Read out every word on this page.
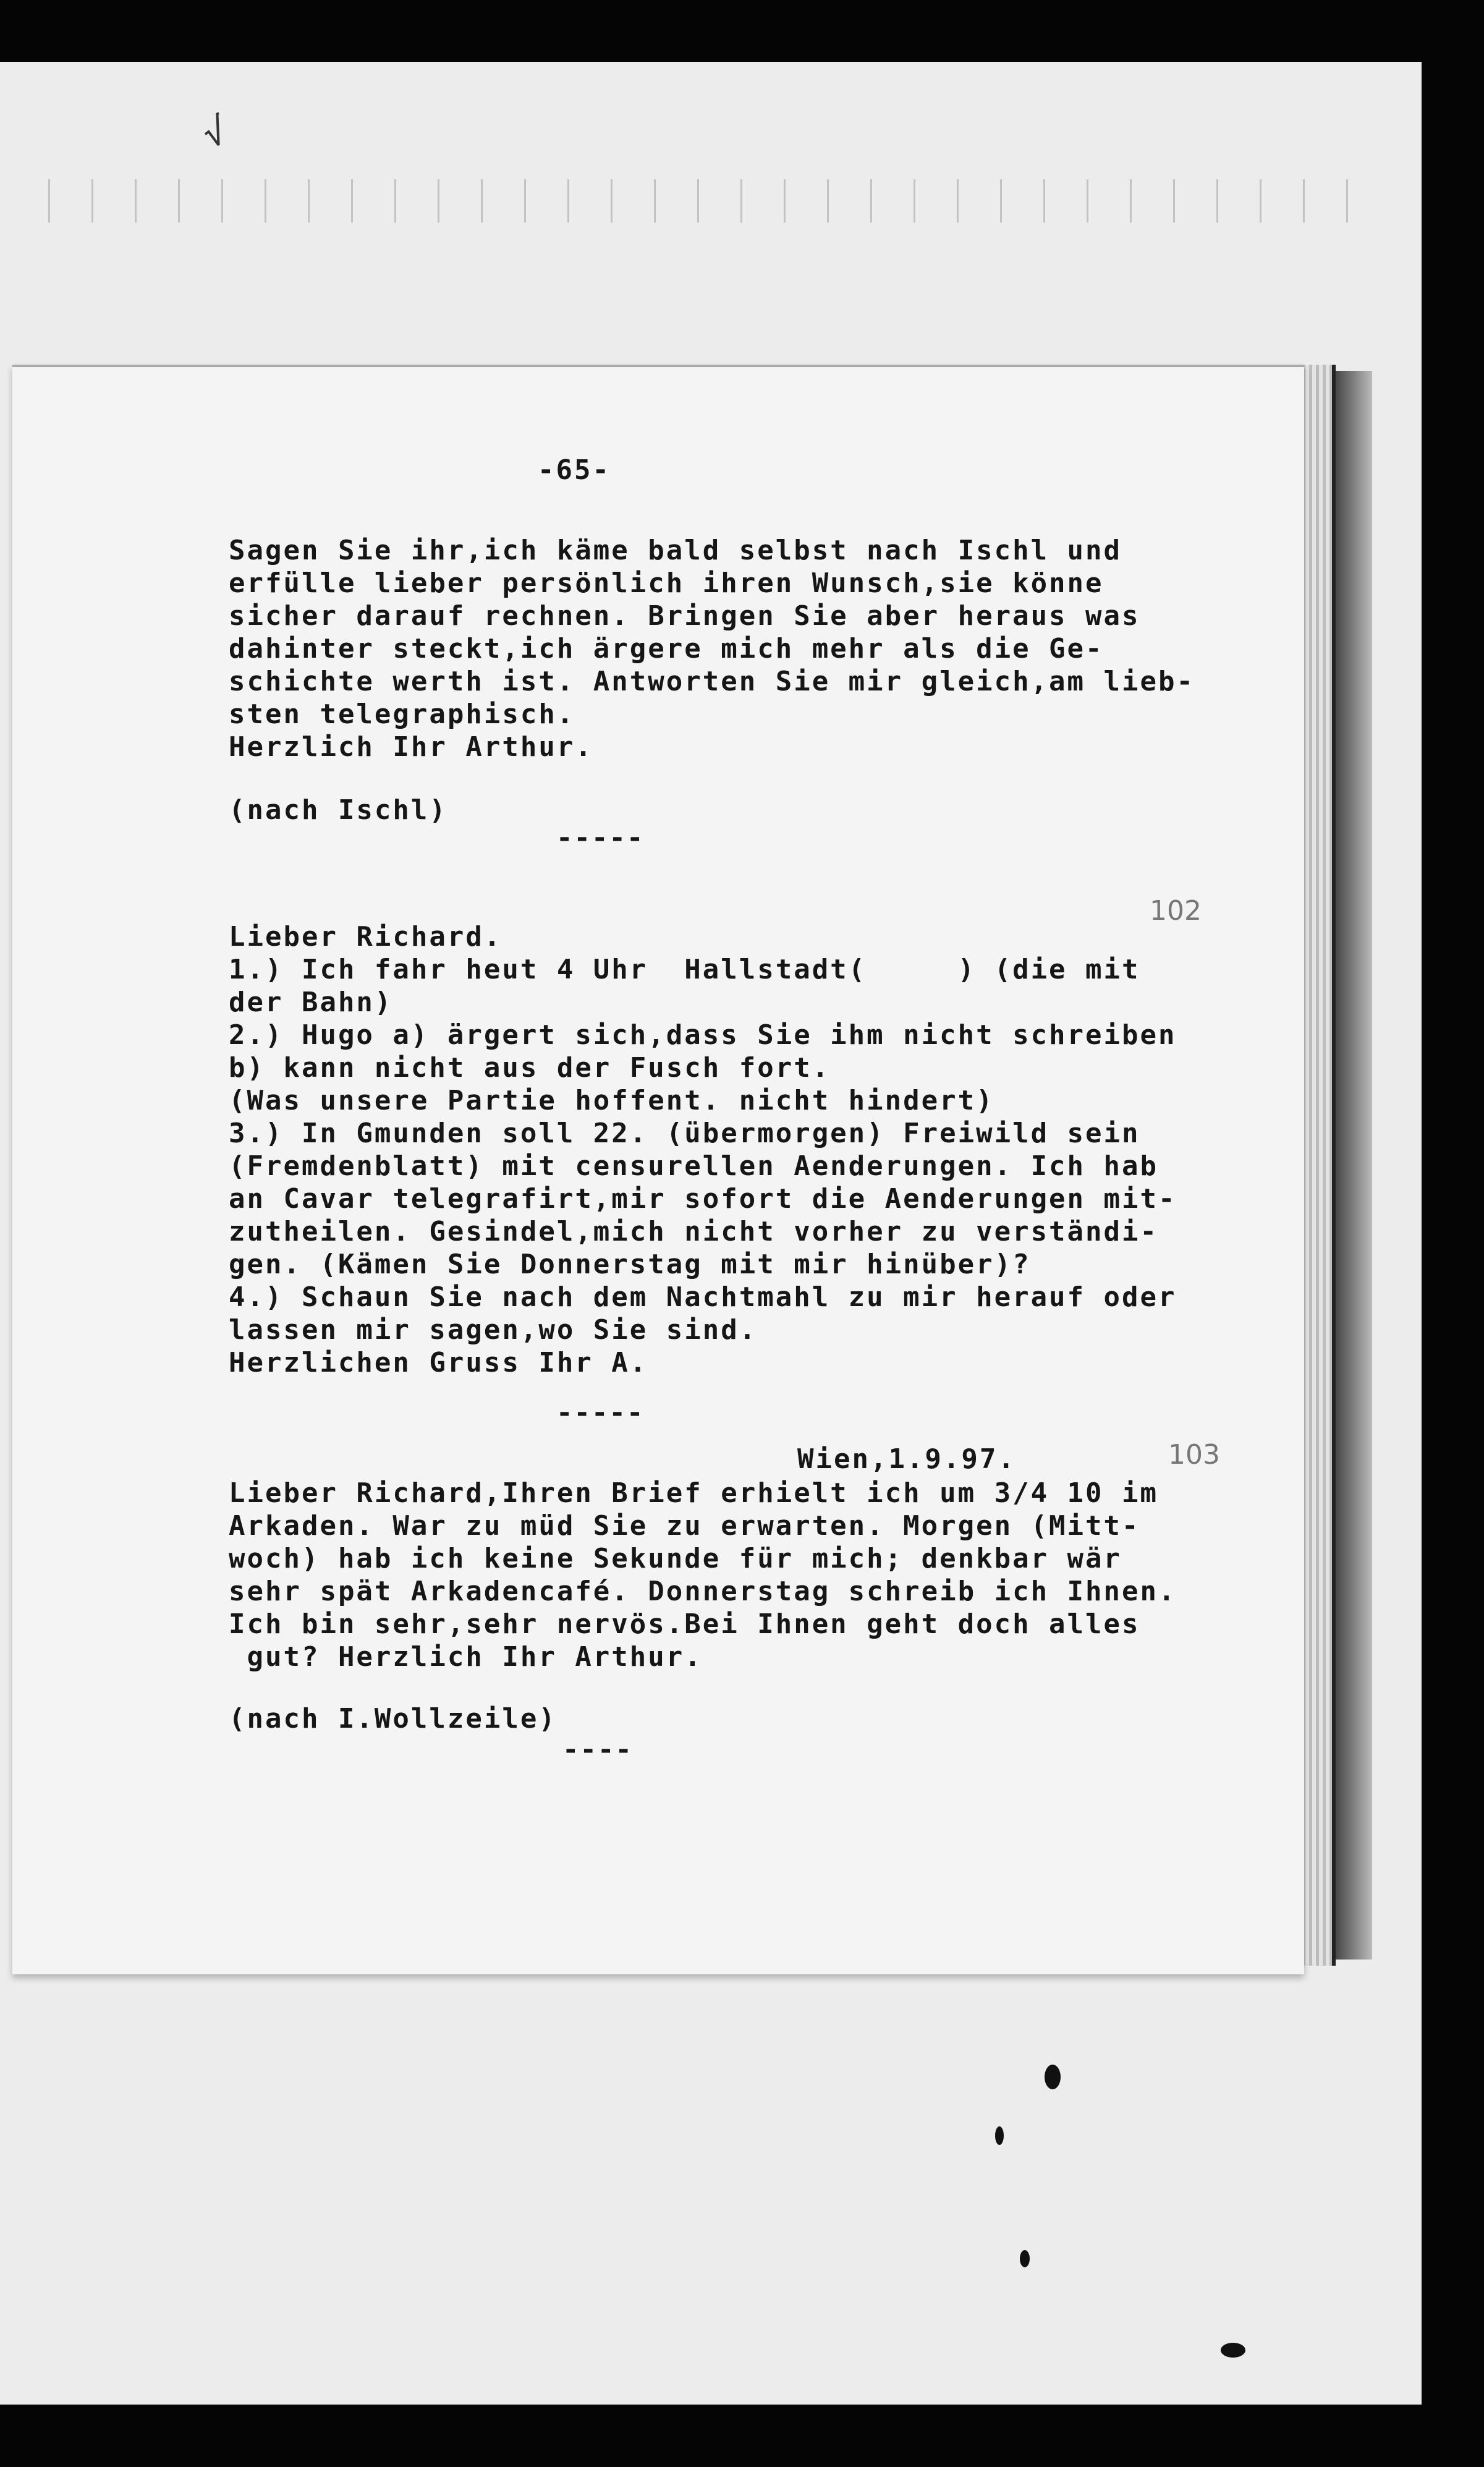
√

-65-

Sagen Sie ihr,ich käme bald selbst nach Ischl und

erfülle lieber persönlich ihren Wunsch,sie könne

sicher darauf rechnen. Bringen Sie aber heraus was

dahinter steckt,ich ärgere mich mehr als die Ge-

schichte werth ist. Antworten Sie mir gleich,am lieb-

sten telegraphisch.

Herzlich Ihr Arthur.

(nach Ischl)

-----

102

Lieber Richard.

1.) Ich fahr heut 4 Uhr  Hallstadt(     ) (die mit

der Bahn)

2.) Hugo a) ärgert sich,dass Sie ihm nicht schreiben

b) kann nicht aus der Fusch fort.

(Was unsere Partie hoffent. nicht hindert)

3.) In Gmunden soll 22. (übermorgen) Freiwild sein

(Fremdenblatt) mit censurellen Aenderungen. Ich hab

an Cavar telegrafirt,mir sofort die Aenderungen mit-

zutheilen. Gesindel,mich nicht vorher zu verständi-

gen. (Kämen Sie Donnerstag mit mir hinüber)?

4.) Schaun Sie nach dem Nachtmahl zu mir herauf oder

lassen mir sagen,wo Sie sind.

Herzlichen Gruss Ihr A.

-----

103

Wien,1.9.97.

Lieber Richard,Ihren Brief erhielt ich um 3/4 10 im

Arkaden. War zu müd Sie zu erwarten. Morgen (Mitt-

woch) hab ich keine Sekunde für mich; denkbar wär

sehr spät Arkadencafé. Donnerstag schreib ich Ihnen.

Ich bin sehr,sehr nervös.Bei Ihnen geht doch alles

gut? Herzlich Ihr Arthur.

(nach I.Wollzeile)

----
